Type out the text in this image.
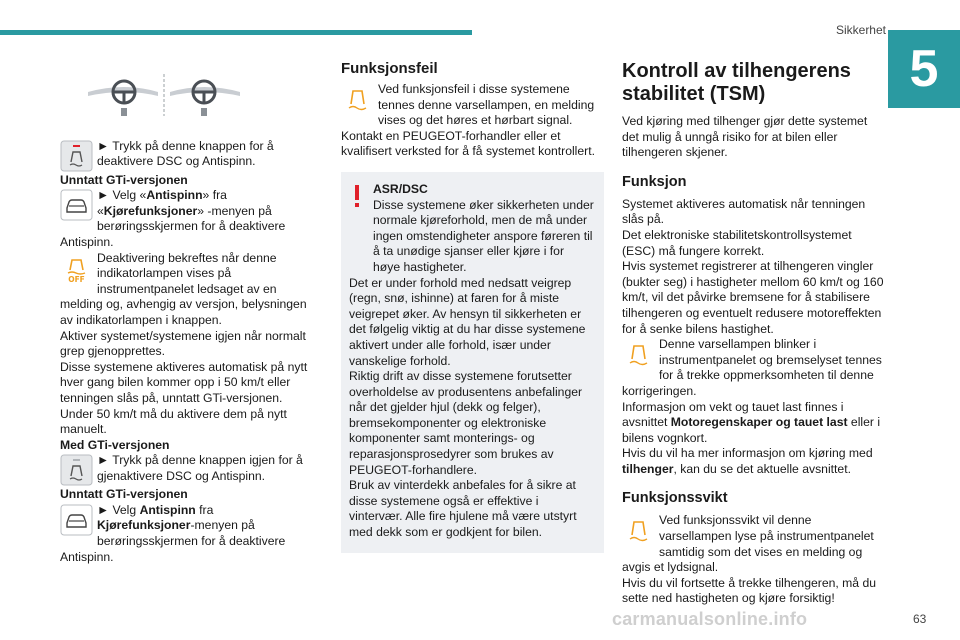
Sikkerhet
5
63
carmanualsonline.info

► Trykk på denne knappen for å deaktivere DSC og Antispinn.

Unntatt GTi-versjonen

► Velg «Antispinn» fra «Kjørefunksjoner» -menyen på berøringsskjermen for å deaktivere Antispinn.

OFF

Deaktivering bekreftes når denne indikatorlampen vises på instrumentpanelet ledsaget av en melding og, avhengig av versjon, belysningen av indikatorlampen i knappen.

Aktiver systemet/systemene igjen når normalt grep gjenopprettes.

Disse systemene aktiveres automatisk på nytt hver gang bilen kommer opp i 50 km/t eller tenningen slås på, unntatt GTi-versjonen.

Under 50 km/t må du aktivere dem på nytt manuelt.

Med GTi-versjonen

► Trykk på denne knappen igjen for å gjenaktivere DSC og Antispinn.

Unntatt GTi-versjonen

► Velg Antispinn fra Kjørefunksjoner-menyen på berøringsskjermen for å deaktivere Antispinn.

Funksjonsfeil

Ved funksjonsfeil i disse systemene tennes denne varsellampen, en melding vises og det høres et hørbart signal.

Kontakt en PEUGEOT-forhandler eller et kvalifisert verksted for å få systemet kontrollert.

ASR/DSC

Disse systemene øker sikkerheten under normale kjøreforhold, men de må under ingen omstendigheter anspore føreren til å ta unødige sjanser eller kjøre i for høye hastigheter.

Det er under forhold med nedsatt veigrep (regn, snø, ishinne) at faren for å miste veigrepet øker. Av hensyn til sikkerheten er det følgelig viktig at du har disse systemene aktivert under alle forhold, især under vanskelige forhold.

Riktig drift av disse systemene forutsetter overholdelse av produsentens anbefalinger når det gjelder hjul (dekk og felger), bremsekomponenter og elektroniske komponenter samt monterings- og reparasjonsprosedyrer som brukes av PEUGEOT-forhandlere.

Bruk av vinterdekk anbefales for å sikre at disse systemene også er effektive i vintervær. Alle fire hjulene må være utstyrt med dekk som er godkjent for bilen.

Kontroll av tilhengerens stabilitet (TSM)

Ved kjøring med tilhenger gjør dette systemet det mulig å unngå risiko for at bilen eller tilhengeren skjener.

Funksjon

Systemet aktiveres automatisk når tenningen slås på.

Det elektroniske stabilitetskontrollsystemet (ESC) må fungere korrekt.

Hvis systemet registrerer at tilhengeren vingler (bukter seg) i hastigheter mellom 60 km/t og 160 km/t, vil det påvirke bremsene for å stabilisere tilhengeren og eventuelt redusere motoreffekten for å senke bilens hastighet.

Denne varsellampen blinker i instrumentpanelet og bremselyset tennes for å trekke oppmerksomheten til denne korrigeringen.

Informasjon om vekt og tauet last finnes i avsnittet Motoregenskaper og tauet last eller i bilens vognkort.

Hvis du vil ha mer informasjon om kjøring med tilhenger, kan du se det aktuelle avsnittet.

Funksjonssvikt

Ved funksjonssvikt vil denne varsellampen lyse på instrumentpanelet samtidig som det vises en melding og avgis et lydsignal.

Hvis du vil fortsette å trekke tilhengeren, må du sette ned hastigheten og kjøre forsiktig!
